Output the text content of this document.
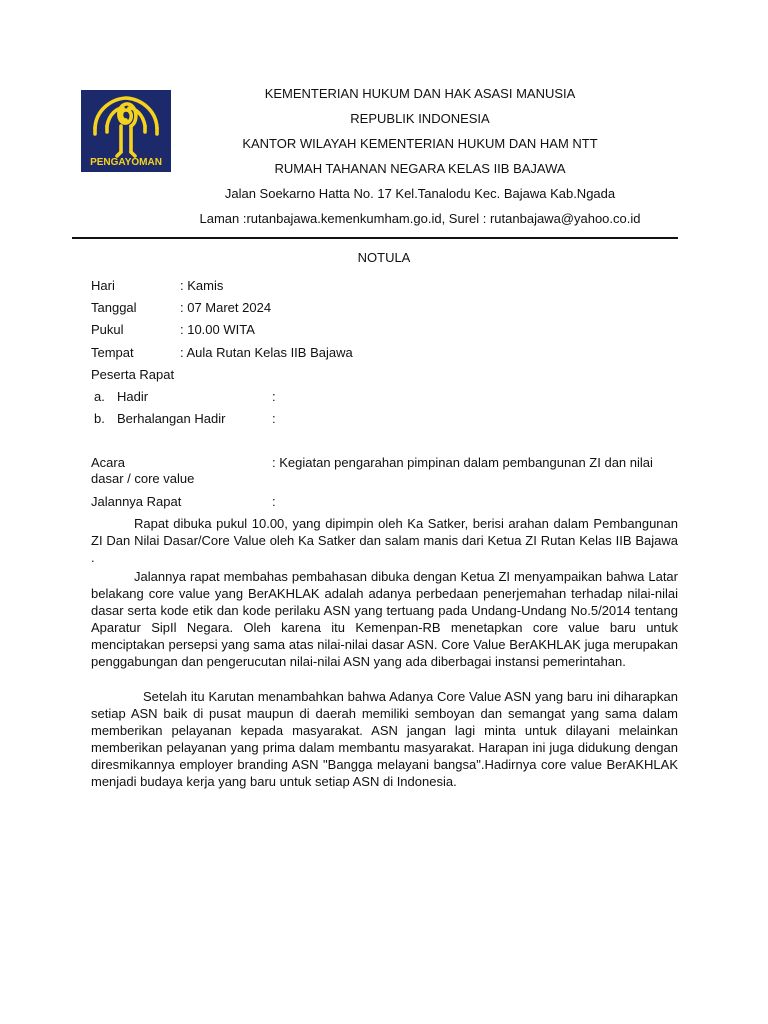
PENGAYOMAN
KEMENTERIAN HUKUM DAN HAK ASASI MANUSIA
REPUBLIK INDONESIA
KANTOR WILAYAH KEMENTERIAN HUKUM DAN HAM NTT
RUMAH TAHANAN NEGARA KELAS IIB BAJAWA
Jalan Soekarno Hatta No. 17 Kel.Tanalodu Kec. Bajawa Kab.Ngada
Laman :rutanbajawa.kemenkumham.go.id, Surel : rutanbajawa@yahoo.co.id
NOTULA
Hari	: Kamis
Tanggal	: 07 Maret 2024
Pukul	: 10.00 WITA
Tempat	: Aula Rutan Kelas IIB Bajawa
Peserta Rapat
a. Hadir	:
b. Berhalangan Hadir	:
Acara	: Kegiatan pengarahan pimpinan dalam pembangunan ZI dan nilai
dasar / core value
Jalannya Rapat	:

Rapat dibuka pukul 10.00, yang dipimpin oleh Ka Satker, berisi arahan dalam Pembangunan ZI Dan Nilai Dasar/Core Value oleh Ka Satker dan salam manis dari Ketua ZI Rutan Kelas IIB Bajawa .

Jalannya rapat membahas pembahasan dibuka dengan Ketua ZI menyampaikan bahwa Latar belakang core value yang BerAKHLAK adalah adanya perbedaan penerjemahan terhadap nilai-nilai dasar serta kode etik dan kode perilaku ASN yang tertuang pada Undang-Undang No.5/2014 tentang Aparatur SipIl Negara. Oleh karena itu Kemenpan-RB menetapkan core value baru untuk menciptakan persepsi yang sama atas nilai-nilai dasar ASN. Core Value BerAKHLAK juga merupakan penggabungan dan pengerucutan nilai-nilai ASN yang ada diberbagai instansi pemerintahan.

Setelah itu Karutan menambahkan bahwa Adanya Core Value ASN yang baru ini diharapkan setiap ASN baik di pusat maupun di daerah memiliki semboyan dan semangat yang sama dalam memberikan pelayanan kepada masyarakat. ASN jangan lagi minta untuk dilayani melainkan memberikan pelayanan yang prima dalam membantu masyarakat. Harapan ini juga didukung dengan diresmikannya employer branding ASN "Bangga melayani bangsa".Hadirnya core value BerAKHLAK menjadi budaya kerja yang baru untuk setiap ASN di Indonesia.
